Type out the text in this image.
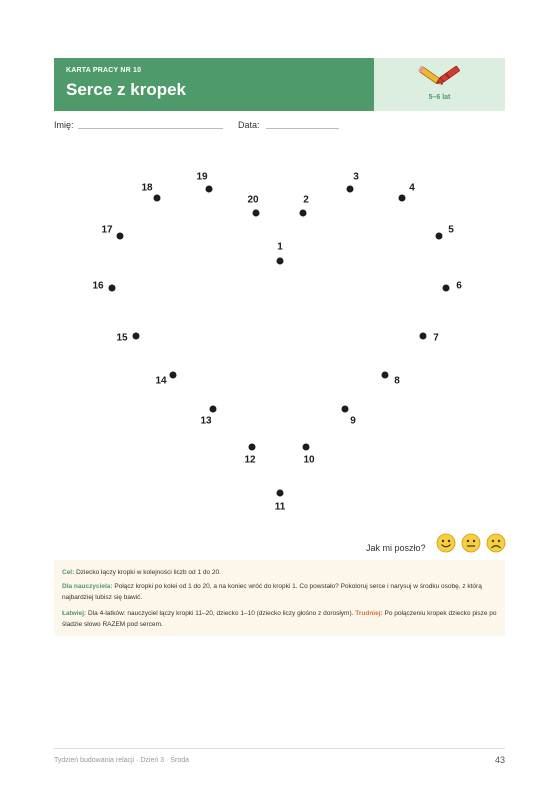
KARTA PRACY NR 10
Serce z kropek	5–6 lat
Imię:	Data:
1
2
3
4
5
6
7
8
9
10
11
12
13
14
15
16
17
18
19
20
Jak mi poszło?

Cel: Dziecko łączy kropki w kolejności liczb od 1 do 20.

Dla nauczyciela: Połącz kropki po kolei od 1 do 20, a na koniec wróć do kropki 1. Co powstało? Pokoloruj serce i narysuj w środku osobę, z którą najbardziej lubisz się bawić.

Łatwiej: Dla 4-latków: nauczyciel łączy kropki 11–20, dziecko 1–10 (dziecko liczy głośno z dorosłym). Trudniej: Po połączeniu kropek dziecko pisze po śladzie słowo RAZEM pod sercem.

Tydzień budowania relacji · Dzień 3 · Środa	43
